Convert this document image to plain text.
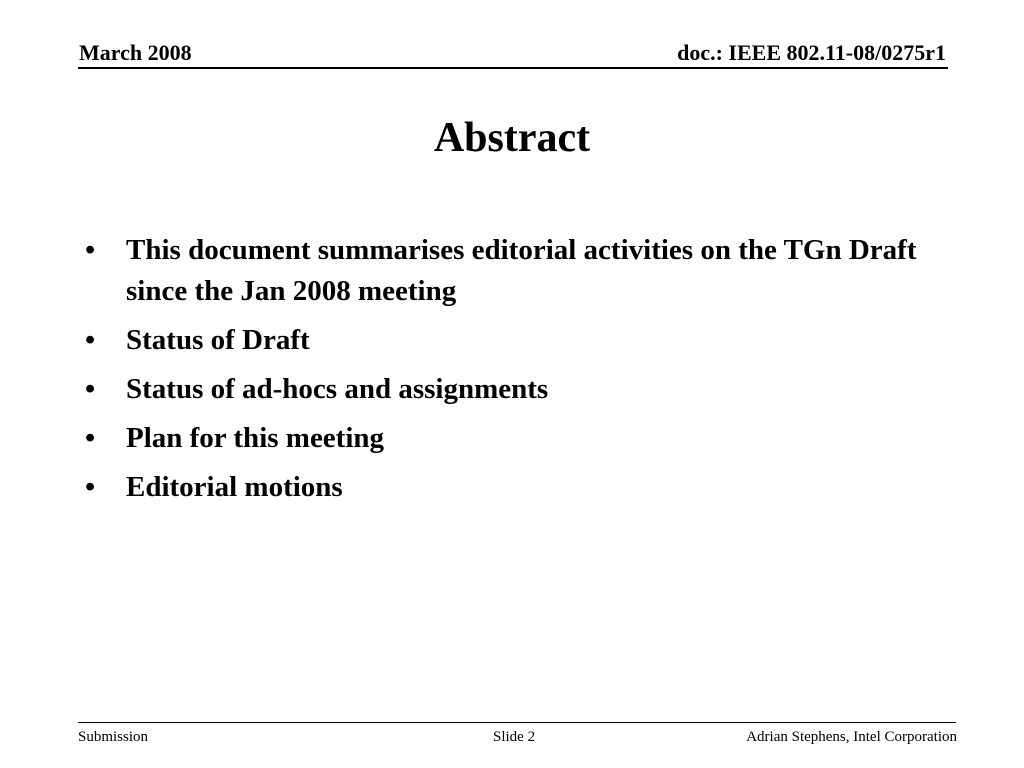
March 2008	doc.: IEEE 802.11-08/0275r1
Abstract
•	This document summarises editorial activities on the TGn Draft since the Jan 2008 meeting
•	Status of Draft
•	Status of ad-hocs and assignments
•	Plan for this meeting
•	Editorial motions
Submission	Slide 2	Adrian Stephens, Intel Corporation
